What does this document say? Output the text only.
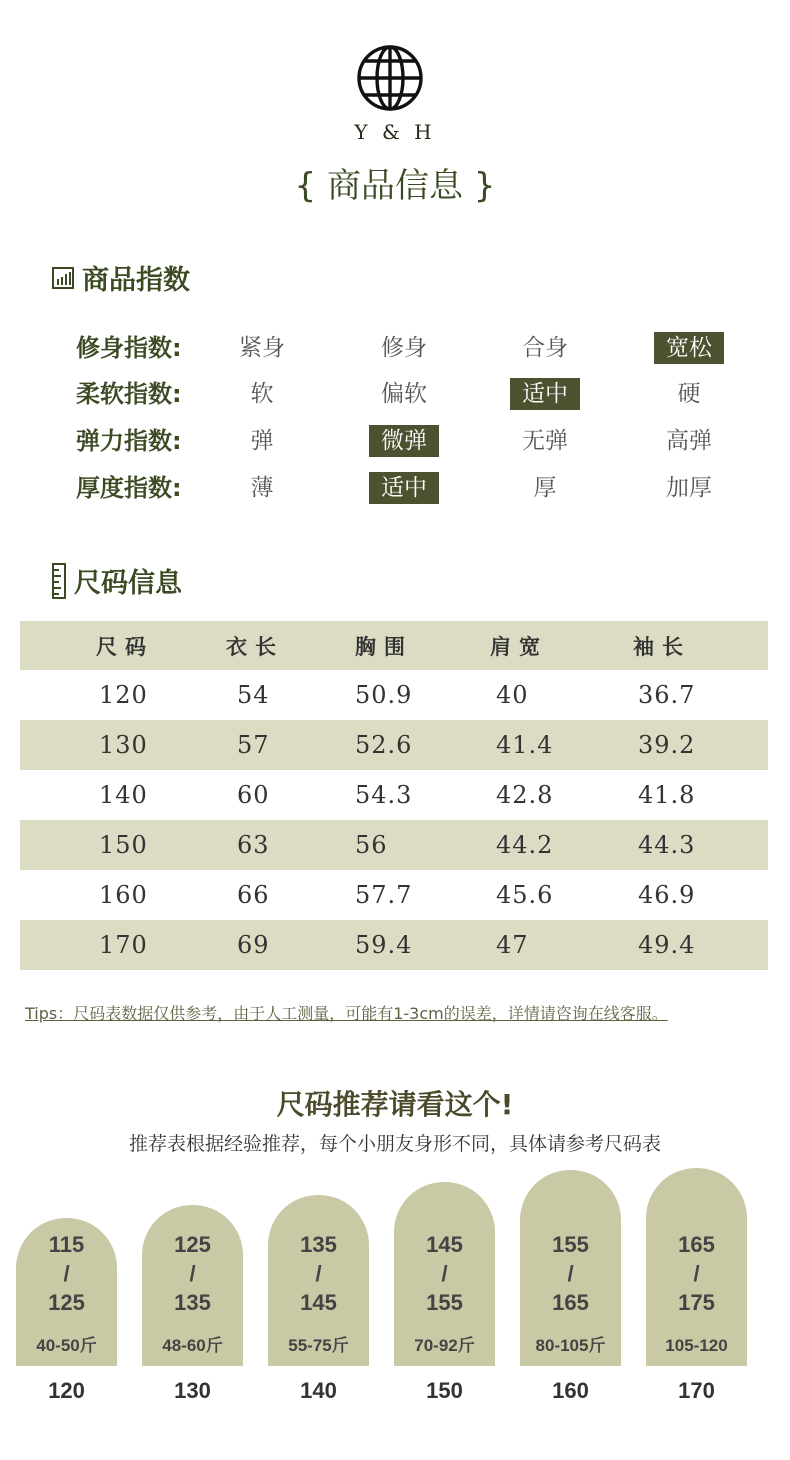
Y & H
{ 商品信息 }
商品指数
修身指数:	紧身	修身	合身	宽松
柔软指数:	软	偏软	适中	硬
弹力指数:	弹	微弹	无弹	高弹
厚度指数:	薄	适中	厚	加厚
尺码信息
尺码	衣长	胸围	肩宽	袖长
120	54	50.9	40	36.7
130	57	52.6	41.4	39.2
140	60	54.3	42.8	41.8
150	63	56	44.2	44.3
160	66	57.7	45.6	46.9
170	69	59.4	47	49.4
Tips：尺码表数据仅供参考，由于人工测量，可能有1-3cm的误差，详情请咨询在线客服。
尺码推荐请看这个!
推荐表根据经验推荐，每个小朋友身形不同，具体请参考尺码表
115
/
125
40-50斤
120
125
/
135
48-60斤
130
135
/
145
55-75斤
140
145
/
155
70-92斤
150
155
/
165
80-105斤
160
165
/
175
105-120
170
